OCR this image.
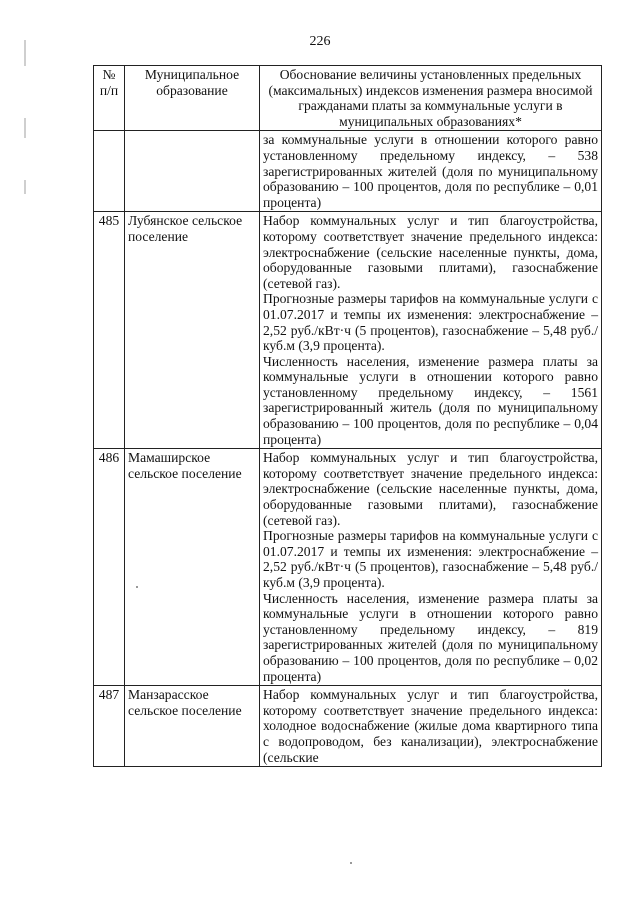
226
№
п/п	Муниципальное образование	Обоснование величины установленных предельных (максимальных) индексов изменения размера вносимой гражданами платы за коммунальные услуги в муниципальных образованиях*

		за коммунальные услуги в отношении которого равно установленному предельному индексу, – 538 зарегистрированных жителей (доля по муниципальному образованию – 100 процентов, доля по республике – 0,01 процента)

485	Лубянское сельское поселение	Набор коммунальных услуг и тип благоустройства, которому соответствует значение предельного индекса: электроснабжение (сельские населенные пункты, дома, оборудованные газовыми плитами), газоснабжение (сетевой газ).

Прогнозные размеры тарифов на коммунальные услуги с 01.07.2017 и темпы их изменения: электроснабжение – 2,52 руб./кВт·ч (5 процентов), газоснабжение – 5,48 руб./куб.м (3,9 процента).

Численность населения, изменение размера платы за коммунальные услуги в отношении которого равно установленному предельному индексу, – 1561 зарегистрированный житель (доля по муниципальному образованию – 100 процентов, доля по республике – 0,04 процента)

486	Мамаширское сельское поселение	Набор коммунальных услуг и тип благоустройства, которому соответствует значение предельного индекса: электроснабжение (сельские населенные пункты, дома, оборудованные газовыми плитами), газоснабжение (сетевой газ).

Прогнозные размеры тарифов на коммунальные услуги с 01.07.2017 и темпы их изменения: электроснабжение – 2,52 руб./кВт·ч (5 процентов), газоснабжение – 5,48 руб./куб.м (3,9 процента).

Численность населения, изменение размера платы за коммунальные услуги в отношении которого равно установленному предельному индексу, – 819 зарегистрированных жителей (доля по муниципальному образованию – 100 процентов, доля по республике – 0,02 процента)

487	Манзарасское сельское поселение	Набор коммунальных услуг и тип благоустройства, которому соответствует значение предельного индекса: холодное водоснабжение (жилые дома квартирного типа с водопроводом, без канализации), электроснабжение (сельские
